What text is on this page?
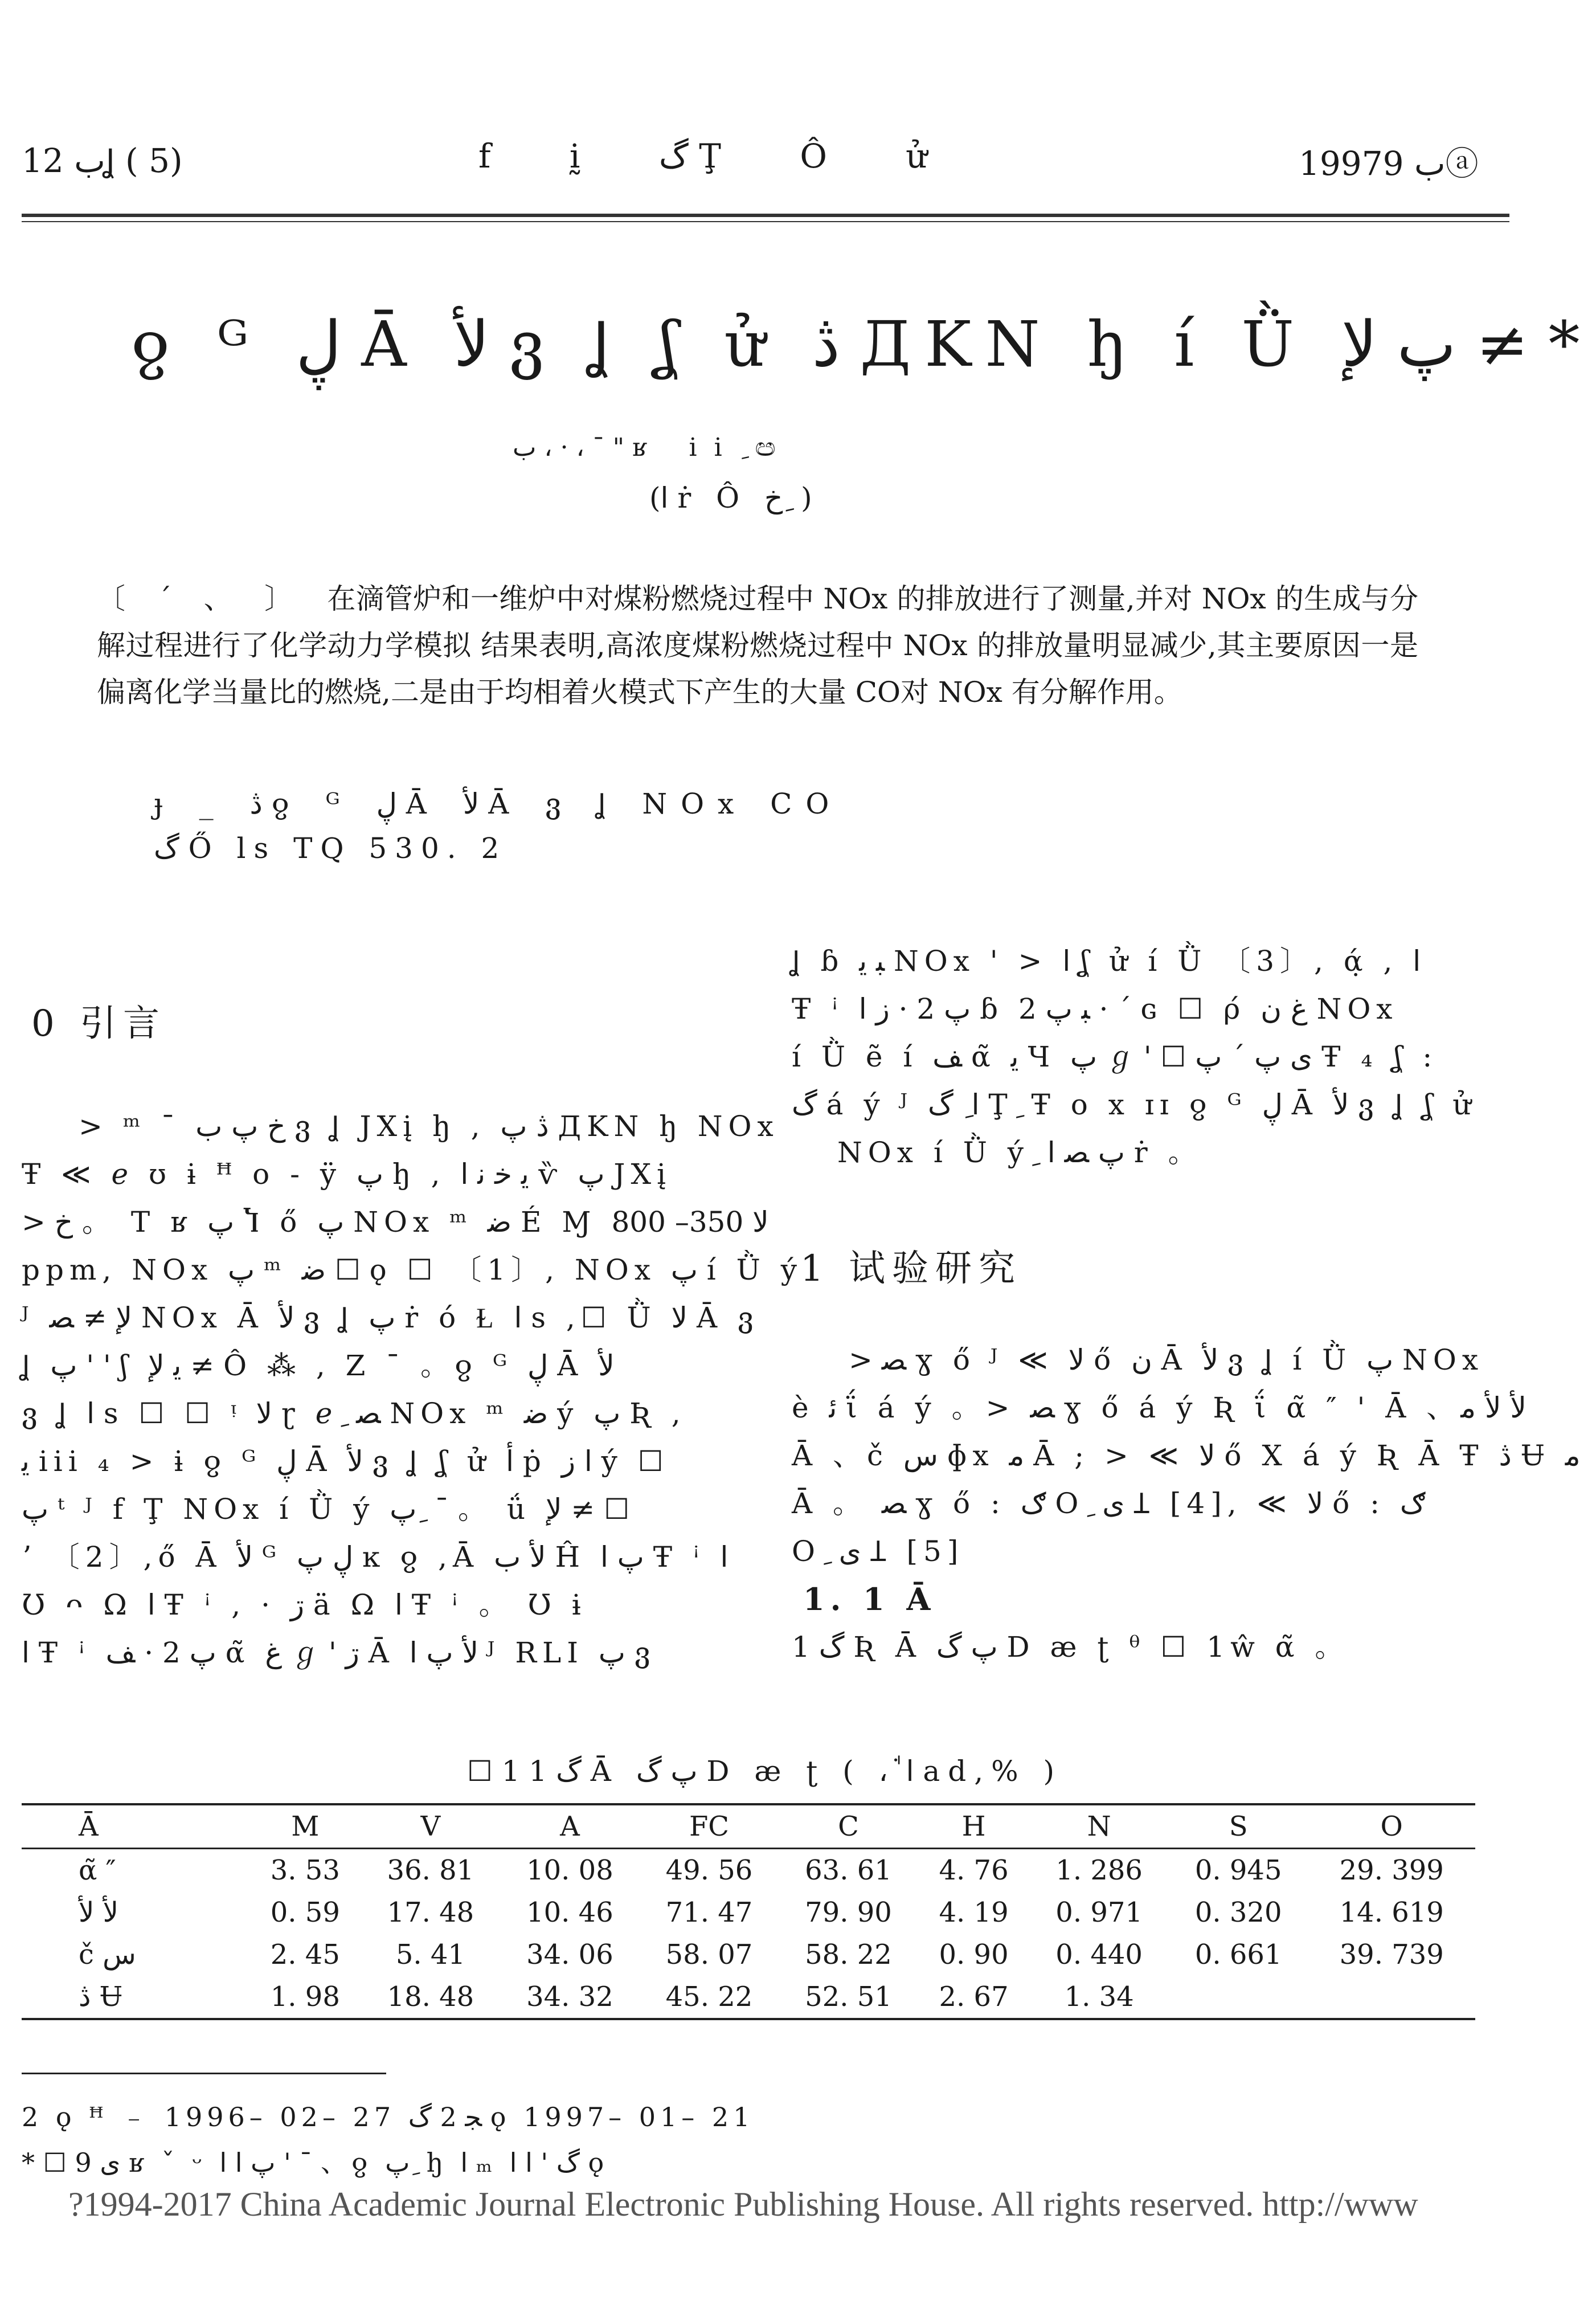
ب 12Ʝ ( 5)	f ḭ گ Ţ Ô ử	1997ب 9ⓐ
ჹ ᴳ ڸ Ā ﻷ ვ Ʝ ʆ ử ڎ ДKN ꜧ í Ǜ پ ﻹ ≠ *
ب ، · ، ˉ " ʁ ii ِ ඏ
(ﺍ ṙ Ô خ ِ )
〔 ´ 、 〕 在滴管炉和一维炉中对煤粉燃烧过程中 NOx 的排放进行了测量,并对 NOx 的生成与分解过程进行了化学动力学模拟 结果表明,高浓度煤粉燃烧过程中 NOx 的排放量明显减少,其主要原因一是偏离化学当量比的燃烧,二是由于均相着火模式下产生的大量 CO对 NOx 有分解作用。
ɟ _ ڎ ჹ ᴳ ڸ Ā ﻷ Ā ვ Ʝ NOx CO
گ Ő ls TQ 530. 2
0 引言

> ᵐ ¯ خ پ ب ვ Ʝ JXį ꜧ , ڎ پ ДKN ꜧ NOx

Ŧ ≪ ℯ ʊ ɨ ꟸ ο - ÿ پ ꜧ , ﻳ ﺧ ﻧ ﺍ ѷ پ JXį

> خ 。 T ʁ پ Ⴈ ő پ NOx ᵐ ﺿ É Ɱ ﻻ 350– 800

ppm, NOx پ ᵐ ﺿ ☐ ǫ ☐ 〔1〕, NOx پ í Ǜ ý

ᴶ ﻹ ≠ ﺼ NOx Ā ﻷ ვ Ʝ پ ṙ ó Ɫ ﺍ s ,☐ Ǜ ﻻ Ā ვ

Ʝ پ ' ' ʃ ﻳ ﻹ ≠ Ô ⁂ , Z ˉ 。ჹ ᴳ ڸ Ā ﻷ

ვ Ʝ ﺍ s ☐ ☐ ᵎ ﻻ ɽ ℯ ِ ﺼ NOx ᵐ ﺿ ý پ Ʀ ,

ﻳ iii ₄ > ɨ ჹ ᴳ ڸ Ā ﻷ ვ Ʝ ʆ ử ﺃ ṗ ﺍ ﺯ ý ☐

پ ᵗ ᴶ f Ţ NOx í Ǜ ý پ ِ ˉ 。 ǘ ﻹ ≠ ☐

ʼ 〔2〕,ő Ā ﻷ ᴳ ڸ پ ĸ ჹ ,Ā ﻷ ب Ĥ پ ﺍ Ŧ ꜞ ﺍ

Ʊ ᴖ Ω ﺍ Ŧ ꜞ , · ڗ ä Ω ﺍ Ŧ ꜞ 。 Ʊ ɨ

ﺍ Ŧ ꜞ پ 2 · ﻒ α̃ ﻍ ℊ ' ڗ Ā ﻷ پ ﺍ ᴶ RLI پ ვ

Ʝ ɓ ﺒ ﻳ NOx ' > ﺍ ʆ ử í Ǜ 〔3〕, ά̣ , ﺍ

Ŧ ꜞ پ 2 · ﺯ ﺍ ɓ ﺒ پ 2 · ´ ɢ ☐ ρ́ ﻍ ﻥ NOx

í Ǜ ẽ í ﻒ α̃ ﻳ Ч پ ℊ ' ☐ ﯼ پ ´ پ Ŧ ₄ ʆ :

گ á ý ᴶ ﺍ ِ گ Ţ ِ Ŧ o x ɪɪ ჹ ᴳ ڸ Ā ﻷ ვ Ʝ ʆ ử

NOx í Ǜ ý ِ پ ﺼ ﺍ ṙ 。

1 试验研究

> ﺼ ɣ ő ᴶ ≪ ﻻ ő ﻥ Ā ﻷ ვ Ʝ í Ǜ پ NOx

è ﺋ ΐ á ý 。> ﺼ ɣ ő á ý Ʀ ΐ α̃ ″ ' Ā 、ﻷ ﻷ ﻣ

Ā 、č ﺱ ɸx ﻣ Ā ; > ≪ ﻻ ő Χ á ý Ʀ Ā Ŧ ڎ Ʉ ﻣ

Ā 。 ﺼ ɣ ő : ګ O ِ ﯼ Ʇ [4], ≪ ﻻ ő : ګ

O ِ ﯼ Ʇ [5]

1. 1 Ā

1 گ Ʀ Ā پ گ D æ ʈ ᶿ ☐ 1ŵ α̃ 。

☐ 1 1 گ Ā پ گ D æ ʈ ( ، ꜗ ﺍ ad,% )
Ā	M	V	A	FC	C	H	N	S	O
α̃ ″	3. 53	36. 81	10. 08	49. 56	63. 61	4. 76	1. 286	0. 945	29. 399
ﻷ ﻷ	0. 59	17. 48	10. 46	71. 47	79. 90	4. 19	0. 971	0. 320	14. 619
č ﺱ	2. 45	5. 41	34. 06	58. 07	58. 22	0. 90	0. 440	0. 661	39. 739
ڎ Ʉ	1. 98	18. 48	34. 32	45. 22	52. 51	2. 67	1. 34		
2 ǫ ꟸ ﹣ 1996– 02– 27 ﺠ 2 گ ǫ 1997– 01– 21
* ☐ ﯼ 9 ʁ ˇ ᵕ پ ﺍ ﺍ ' ˉ 、ჹ پ ِ ꜧ ﺍ ₘ گ ' ﺍ ﺍ ǫ
?1994-2017 China Academic Journal Electronic Publishing House. All rights reserved. http://www
